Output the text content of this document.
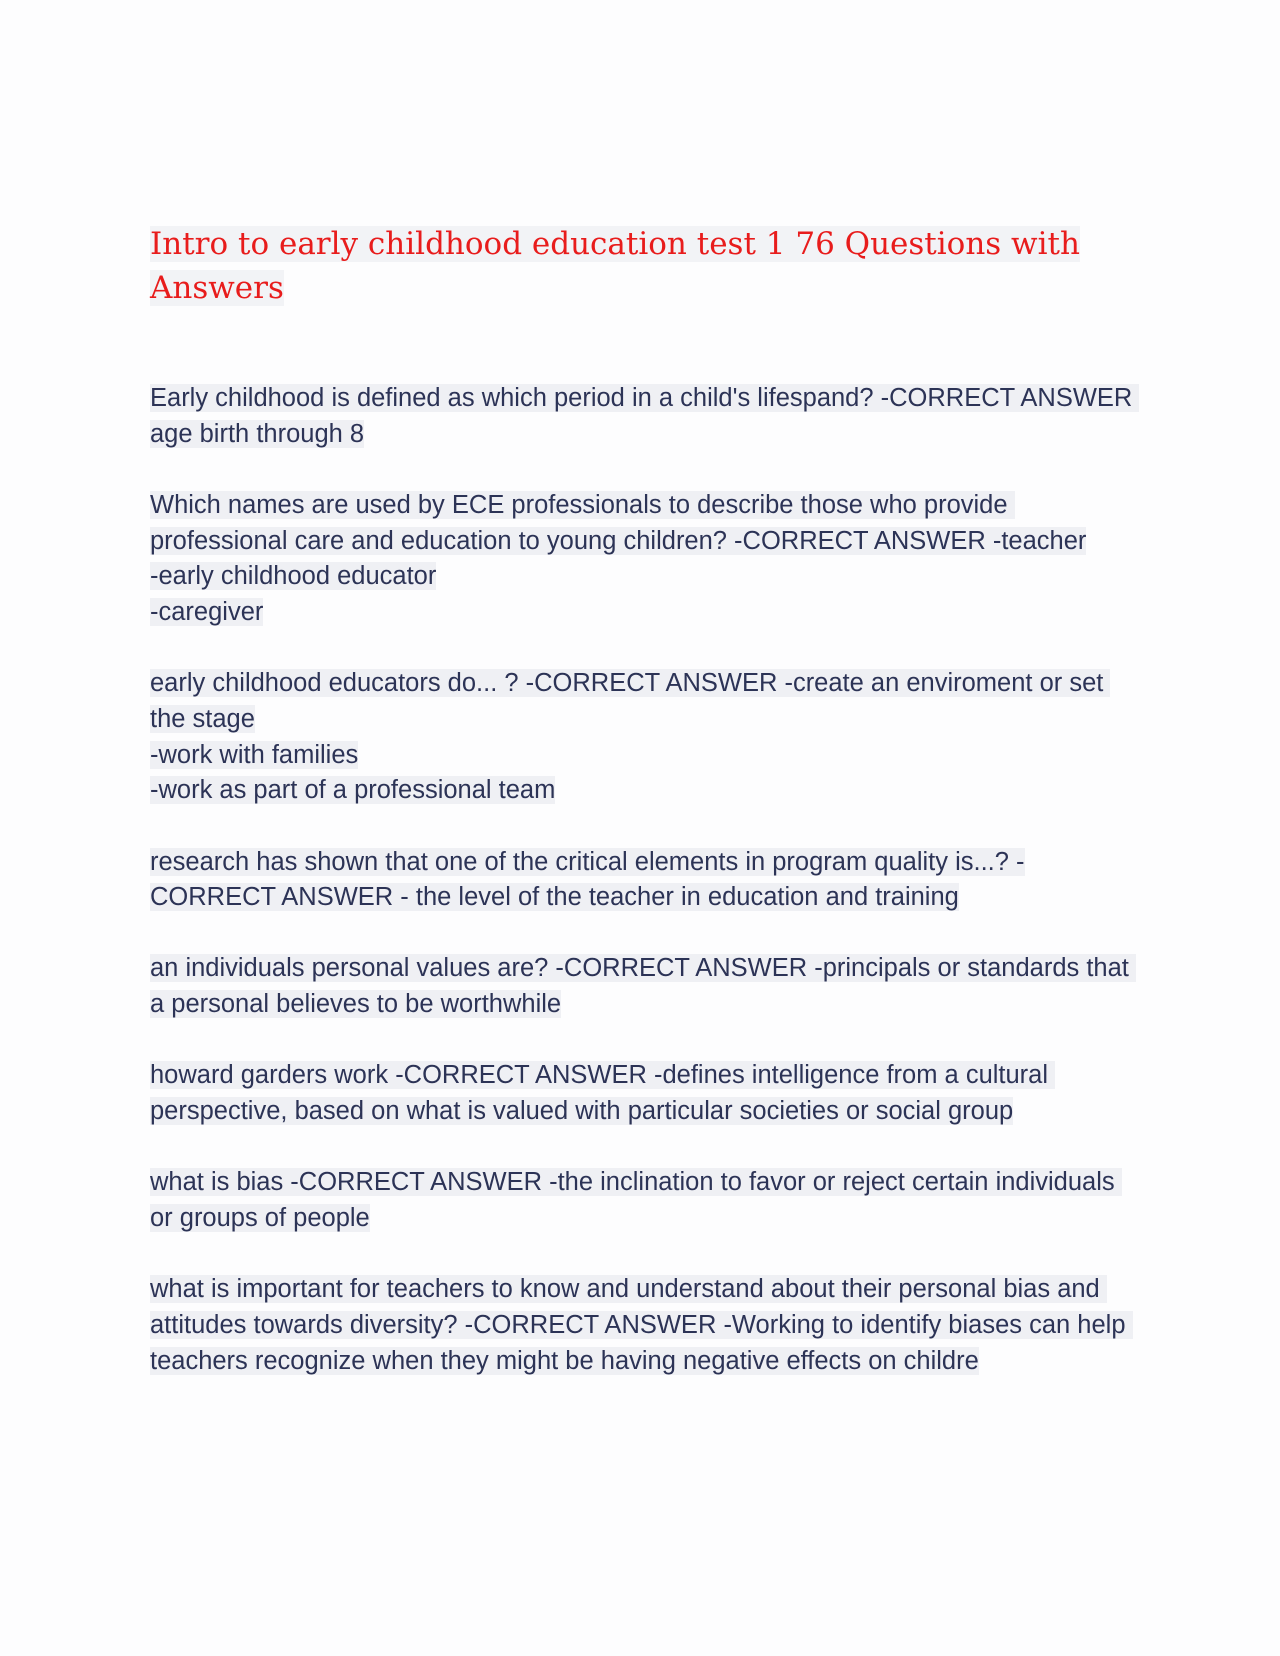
Intro to early childhood education test 1 76 Questions with Answers

Early childhood is defined as which period in a child's lifespand? -CORRECT ANSWER age birth through 8

Which names are used by ECE professionals to describe those who provide professional care and education to young children? -CORRECT ANSWER -teacher
-early childhood educator
-caregiver

early childhood educators do... ? -CORRECT ANSWER -create an enviroment or set the stage
-work with families
-work as part of a professional team

research has shown that one of the critical elements in program quality is...? -CORRECT ANSWER - the level of the teacher in education and training

an individuals personal values are? -CORRECT ANSWER -principals or standards that a personal believes to be worthwhile

howard garders work -CORRECT ANSWER -defines intelligence from a cultural perspective, based on what is valued with particular societies or social group

what is bias -CORRECT ANSWER -the inclination to favor or reject certain individuals or groups of people

what is important for teachers to know and understand about their personal bias and attitudes towards diversity? -CORRECT ANSWER -Working to identify biases can help teachers recognize when they might be having negative effects on childre
